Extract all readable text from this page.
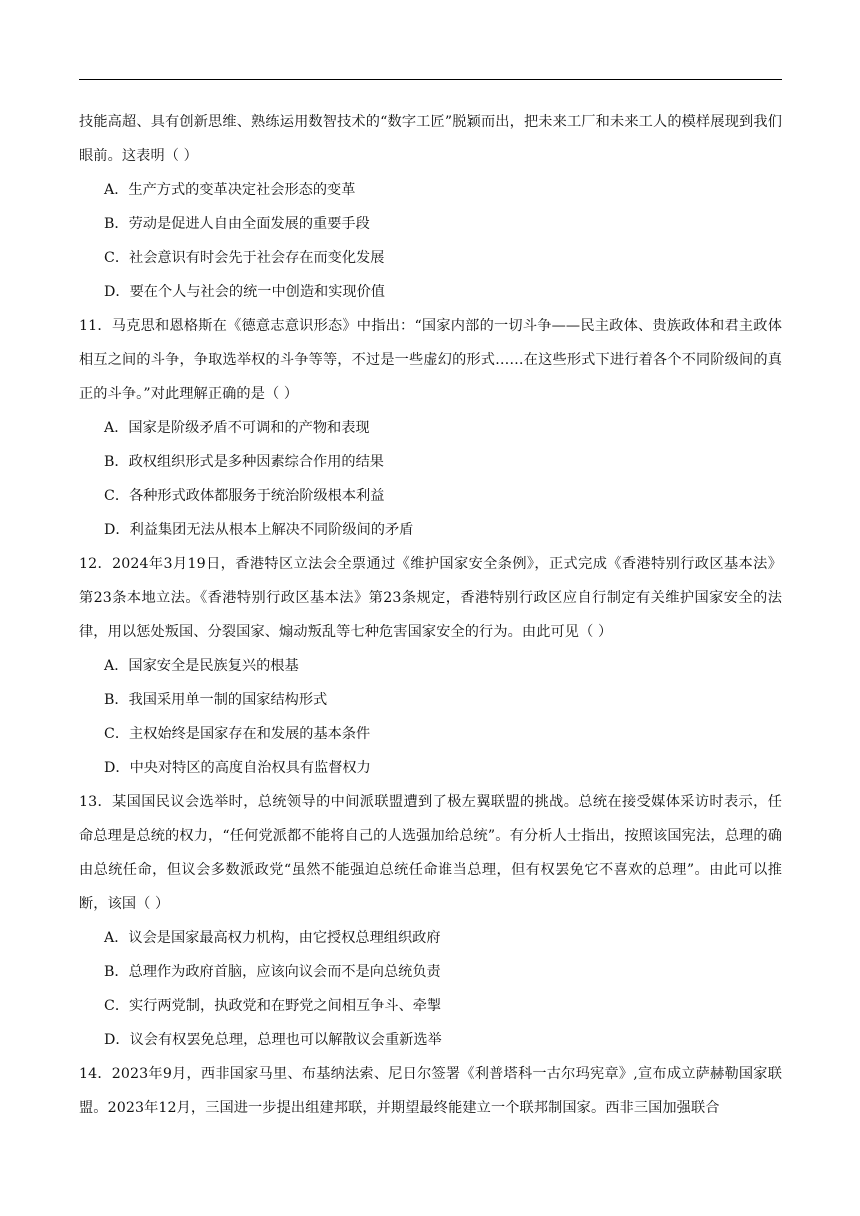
技能高超、具有创新思维、熟练运用数智技术的“数字工匠”脱颖而出，把未来工厂和未来工人的模样展现到我们眼前。这表明（ ）

A．生产方式的变革决定社会形态的变革

B．劳动是促进人自由全面发展的重要手段

C．社会意识有时会先于社会存在而变化发展

D．要在个人与社会的统一中创造和实现价值

11．马克思和恩格斯在《德意志意识形态》中指出：“国家内部的一切斗争——民主政体、贵族政体和君主政体相互之间的斗争，争取选举权的斗争等等，不过是一些虚幻的形式……在这些形式下进行着各个不同阶级间的真正的斗争。”对此理解正确的是（ ）

A．国家是阶级矛盾不可调和的产物和表现

B．政权组织形式是多种因素综合作用的结果

C．各种形式政体都服务于统治阶级根本利益

D．利益集团无法从根本上解决不同阶级间的矛盾

12．2024年3月19日，香港特区立法会全票通过《维护国家安全条例》，正式完成《香港特别行政区基本法》第23条本地立法。《香港特别行政区基本法》第23条规定，香港特别行政区应自行制定有关维护国家安全的法律，用以惩处叛国、分裂国家、煽动叛乱等七种危害国家安全的行为。由此可见（ ）

A．国家安全是民族复兴的根基

B．我国采用单一制的国家结构形式

C．主权始终是国家存在和发展的基本条件

D．中央对特区的高度自治权具有监督权力

13．某国国民议会选举时，总统领导的中间派联盟遭到了极左翼联盟的挑战。总统在接受媒体采访时表示，任命总理是总统的权力，“任何党派都不能将自己的人选强加给总统”。有分析人士指出，按照该国宪法，总理的确由总统任命，但议会多数派政党“虽然不能强迫总统任命谁当总理，但有权罢免它不喜欢的总理”。由此可以推断，该国（ ）

A．议会是国家最高权力机构，由它授权总理组织政府

B．总理作为政府首脑，应该向议会而不是向总统负责

C．实行两党制，执政党和在野党之间相互争斗、牵掣

D．议会有权罢免总理，总理也可以解散议会重新选举

14．2023年9月，西非国家马里、布基纳法索、尼日尔签署《利普塔科一古尔玛宪章》,宣布成立萨赫勒国家联盟。2023年12月，三国进一步提出组建邦联，并期望最终能建立一个联邦制国家。西非三国加强联合
